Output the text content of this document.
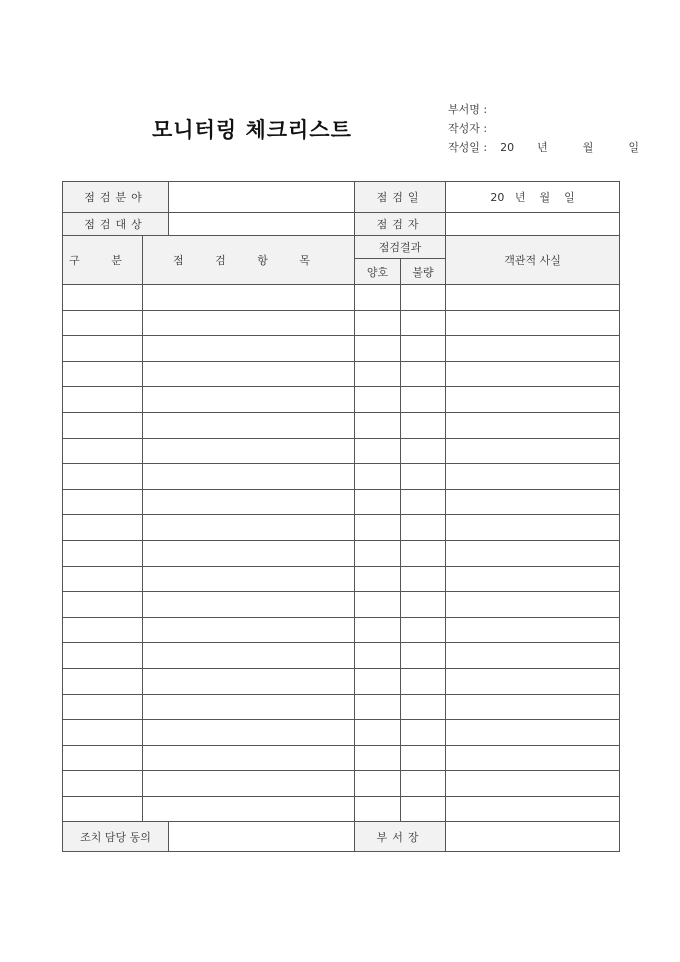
모니터링 체크리스트
부서명 :
작성자 :
작성일 : 20 년	월	일
점검분야			점검일		20   년    월    일
점검대상			점검자		
구 분	점 검 항 목		점검결과		객관적 사실
			양호	불량	

조치 담당 동의			부서장		
